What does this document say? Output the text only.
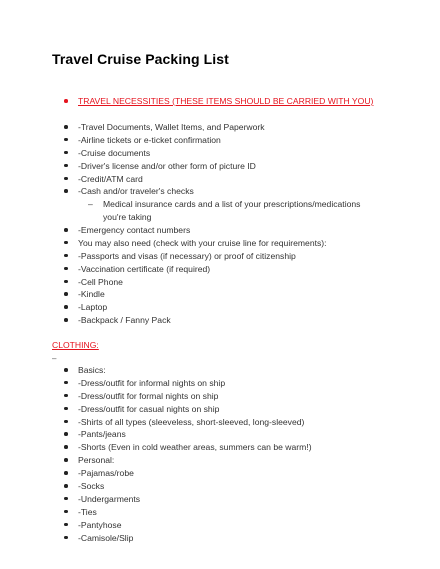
Travel Cruise Packing List
TRAVEL NECESSITIES (THESE ITEMS SHOULD BE CARRIED WITH YOU)
-Travel Documents, Wallet Items, and Paperwork
-Airline tickets or e-ticket confirmation
-Cruise documents
-Driver's license and/or other form of picture ID
-Credit/ATM card
-Cash and/or traveler's checks
– Medical insurance cards and a list of your prescriptions/medications you're taking
-Emergency contact numbers
You may also need (check with your cruise line for requirements):
-Passports and visas (if necessary) or proof of citizenship
-Vaccination certificate (if required)
-Cell Phone
-Kindle
-Laptop
-Backpack / Fanny Pack
CLOTHING:
–
Basics:
-Dress/outfit for informal nights on ship
-Dress/outfit for formal nights on ship
-Dress/outfit for casual nights on ship
-Shirts of all types (sleeveless, short-sleeved, long-sleeved)
-Pants/jeans
-Shorts (Even in cold weather areas, summers can be warm!)
Personal:
-Pajamas/robe
-Socks
-Undergarments
-Ties
-Pantyhose
-Camisole/Slip
